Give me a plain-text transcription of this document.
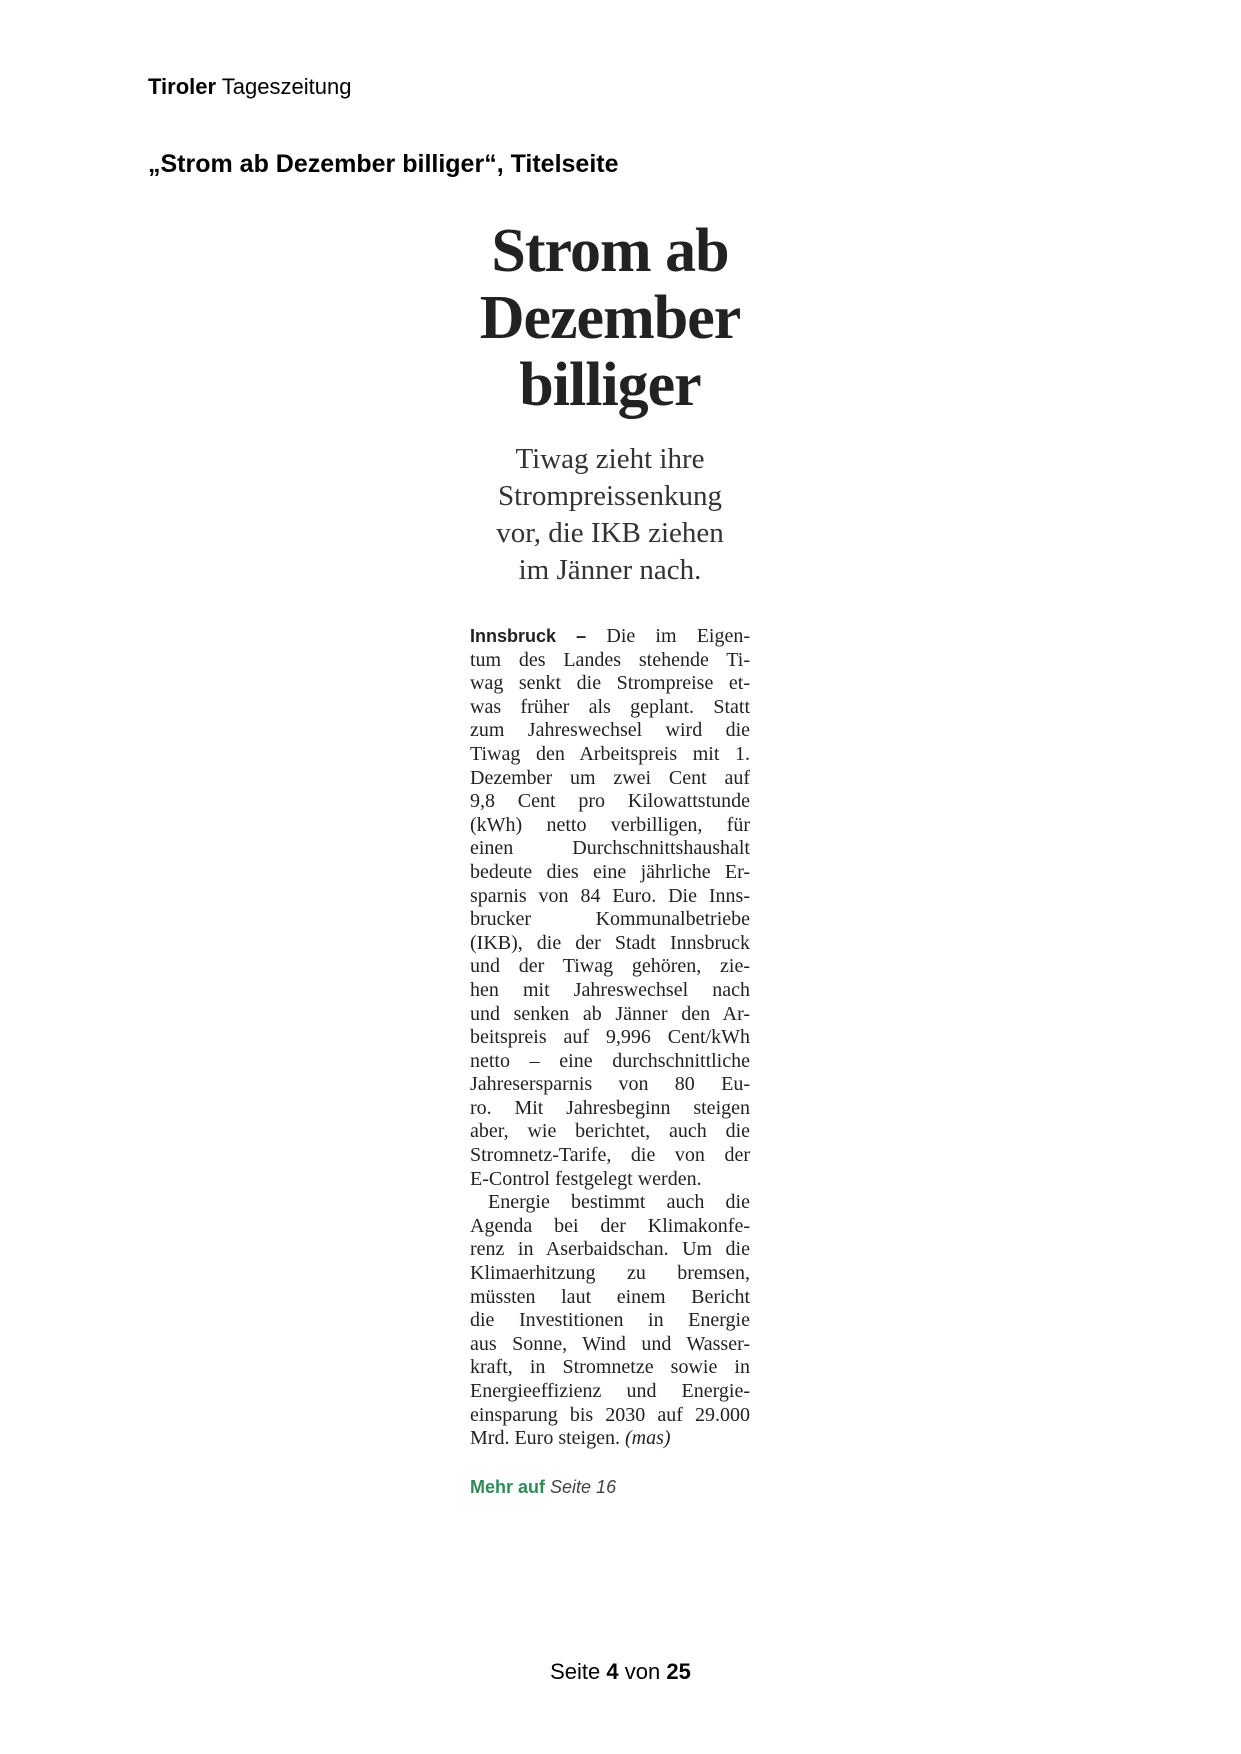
Tiroler Tageszeitung
„Strom ab Dezember billiger“, Titelseite
Strom ab
Dezember
billiger
Tiwag zieht ihre
Strompreissenkung
vor, die IKB ziehen
im Jänner nach.
Innsbruck – Die im Eigen-
tum des Landes stehende Ti-
wag senkt die Strompreise et-
was früher als geplant. Statt
zum Jahreswechsel wird die
Tiwag den Arbeitspreis mit 1.
Dezember um zwei Cent auf
9,8 Cent pro Kilowattstunde
(kWh) netto verbilligen, für
einen Durchschnittshaushalt
bedeute dies eine jährliche Er-
sparnis von 84 Euro. Die Inns-
brucker Kommunalbetriebe
(IKB), die der Stadt Innsbruck
und der Tiwag gehören, zie-
hen mit Jahreswechsel nach
und senken ab Jänner den Ar-
beitspreis auf 9,996 Cent/kWh
netto – eine durchschnittliche
Jahresersparnis von 80 Eu-
ro. Mit Jahresbeginn steigen
aber, wie berichtet, auch die
Stromnetz-Tarife, die von der
E-Control festgelegt werden.
Energie bestimmt auch die
Agenda bei der Klimakonfe-
renz in Aserbaidschan. Um die
Klimaerhitzung zu bremsen,
müssten laut einem Bericht
die Investitionen in Energie
aus Sonne, Wind und Wasser-
kraft, in Stromnetze sowie in
Energieeffizienz und Energie-
einsparung bis 2030 auf 29.000
Mrd. Euro steigen. (mas)
Mehr auf Seite 16
Seite 4 von 25
